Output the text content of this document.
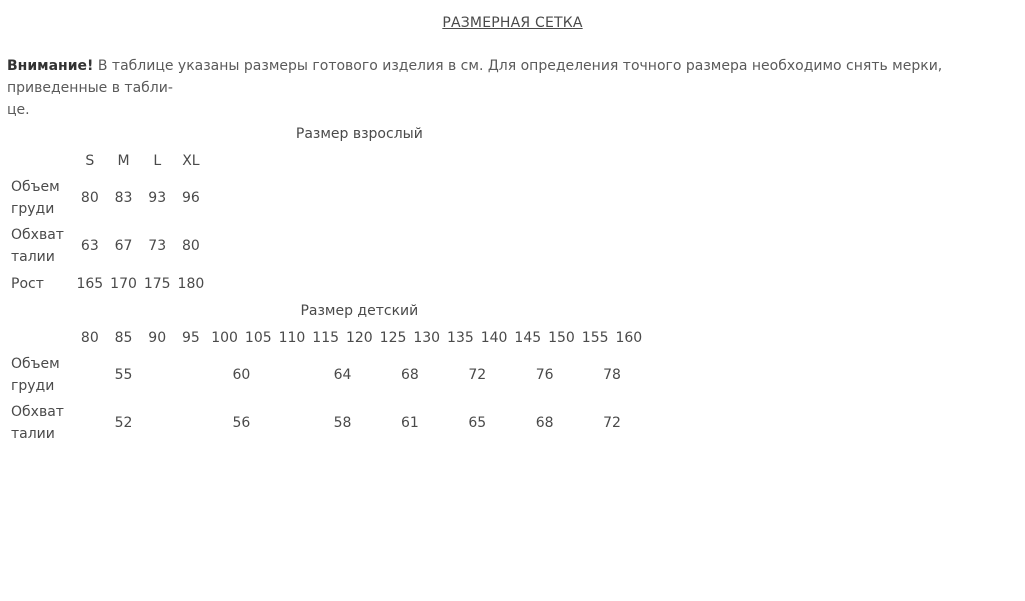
РАЗМЕРНАЯ СЕТКА
Внимание! В таблице указаны размеры готового изделия в см. Для определения точного размера необходимо снять мерки, приведенные в табли-
це.
	Размер взрослый																
	S	M	L	XL													
Объем
груди	80	83	93	96													
Обхват
талии	63	67	73	80													
Рост	165	170	175	180													
	Размер детский																
	80	85	90	95	100	105	110	115	120	125	130	135	140	145	150	155	160
Объем
груди	55			60				64		68		72		76		78	
Обхват
талии	52			56				58		61		65		68		72	
